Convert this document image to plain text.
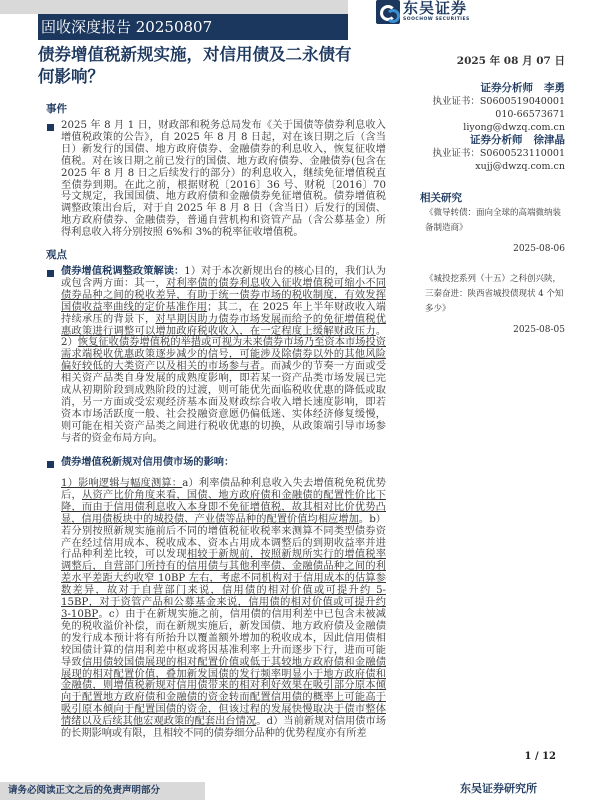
固收深度报告 20250807
债券增值税新规实施，对信用债及二永债有何影响？
东吴证券
SOOCHOW SECURITIES
2025 年 08 月 07 日
证券分析师 李勇
执业证书：S0600519040001
010-66573671
liyong@dwzq.com.cn
证券分析师 徐津晶
执业证书：S0600523110001
xujj@dwzq.com.cn
相关研究
《微导转债：面向全球的高端微纳装备制造商》
2025-08-06
《城投挖系列（十五）之科创兴陕，三秦奋进：陕西省城投债现状 4 个知多少》
2025-08-05
事件
2025 年 8 月 1 日，财政部和税务总局发布《关于国债等债券利息收入增值税政策的公告》，自 2025 年 8 月 8 日起，对在该日期之后（含当日）新发行的国债、地方政府债券、金融债券的利息收入，恢复征收增值税。对在该日期之前已发行的国债、地方政府债券、金融债券(包含在 2025 年 8 月 8 日之后续发行的部分）的利息收入，继续免征增值税直至债券到期。在此之前，根据财税〔2016〕36 号、财税〔2016〕70 号文规定，我国国债、地方政府债和金融债券免征增值税。债券增值税调整政策出台后，对于自 2025 年 8 月 8 日（含当日）后发行的国债、地方政府债券、金融债券，普通自营机构和资管产品（含公募基金）所得利息收入将分别按照 6%和 3%的税率征收增值税。
观点
债券增值税调整政策解读：1）对于本次新规出台的核心目的，我们认为或包含两方面：其一，对利率债的债券利息收入征收增值税可缩小不同债券品种之间的税收差异，有助于统一债券市场的税收制度，有效发挥国债收益率曲线的定价基准作用；其二，在 2025 年上半年财政收入端持续承压的背景下，对早期因助力债券市场发展而给予的免征增值税优惠政策进行调整可以增加政府税收收入，在一定程度上缓解财政压力。2）恢复征收债券增值税的举措或可视为未来债券市场乃至资本市场投资需求端税收优惠政策逐步减少的信号，可能涉及除债券以外的其他风险偏好较低的大类资产以及相关的市场参与者。而减少的节奏一方面或受相关资产品类自身发展的成熟度影响，即若某一资产品类市场发展已完成从初期阶段到成熟阶段的过渡，则可能优先面临税收优惠的降低或取消，另一方面或受宏观经济基本面及财政综合收入增长速度影响，即若资本市场活跃度一般、社会投融资意愿仍偏低迷、实体经济修复缓慢，则可能在相关资产品类之间进行税收优惠的切换，从政策端引导市场参与者的资金布局方向。
债券增值税新规对信用债市场的影响：
1）影响逻辑与幅度测算：a）利率债品种利息收入失去增值税免税优势后，从资产比价角度来看，国债、地方政府债和金融债的配置性价比下降，而由于信用债利息收入本身即不免征增值税，故其相对比价优势凸显，信用债板块中的城投债、产业债等品种的配置价值均相应增加。b）若分别按照新规实施前后不同的增值税征收税率来测算不同类型债券资产在经过信用成本、税收成本、资本占用成本调整后的到期收益率并进行品种利差比较，可以发现相较于新规前，按照新规所实行的增值税率调整后，自营部门所持有的信用债与其他利率债、金融债品种之间的利差水平差距大约收窄 10BP 左右，考虑不同机构对于信用成本的估算参数差异，故对于自营部门来说，信用债的相对价值或可提升约 5-15BP，对于资管产品和公募基金来说，信用债的相对价值或可提升约 3-10BP。c）由于在新规实施之前，信用债的信用利差中已包含未被减免的税收溢价补偿，而在新规实施后，新发国债、地方政府债及金融债的发行成本预计将有所抬升以覆盖额外增加的税收成本，因此信用债相较国债计算的信用利差中枢或将因基准利率上升而逐步下行，进而可能导致信用债较国债展现的相对配置价值或低于其较地方政府债和金融债展现的相对配置价值，叠加新发国债的发行频率明显小于地方政府债和金融债，则增值税新规对信用债带来的相对利好效果在吸引部分原本倾向于配置地方政府债和金融债的资金转而配置信用债的概率上可能高于吸引原本倾向于配置国债的资金，但该过程的发展快慢取决于债市整体情绪以及后续其他宏观政策的配套出台情况。d）当前新规对信用债市场的长期影响或有限，且相较不同的债券细分品种的优势程度亦有所差
1 / 12
东吴证券研究所
请务必阅读正文之后的免责声明部分
